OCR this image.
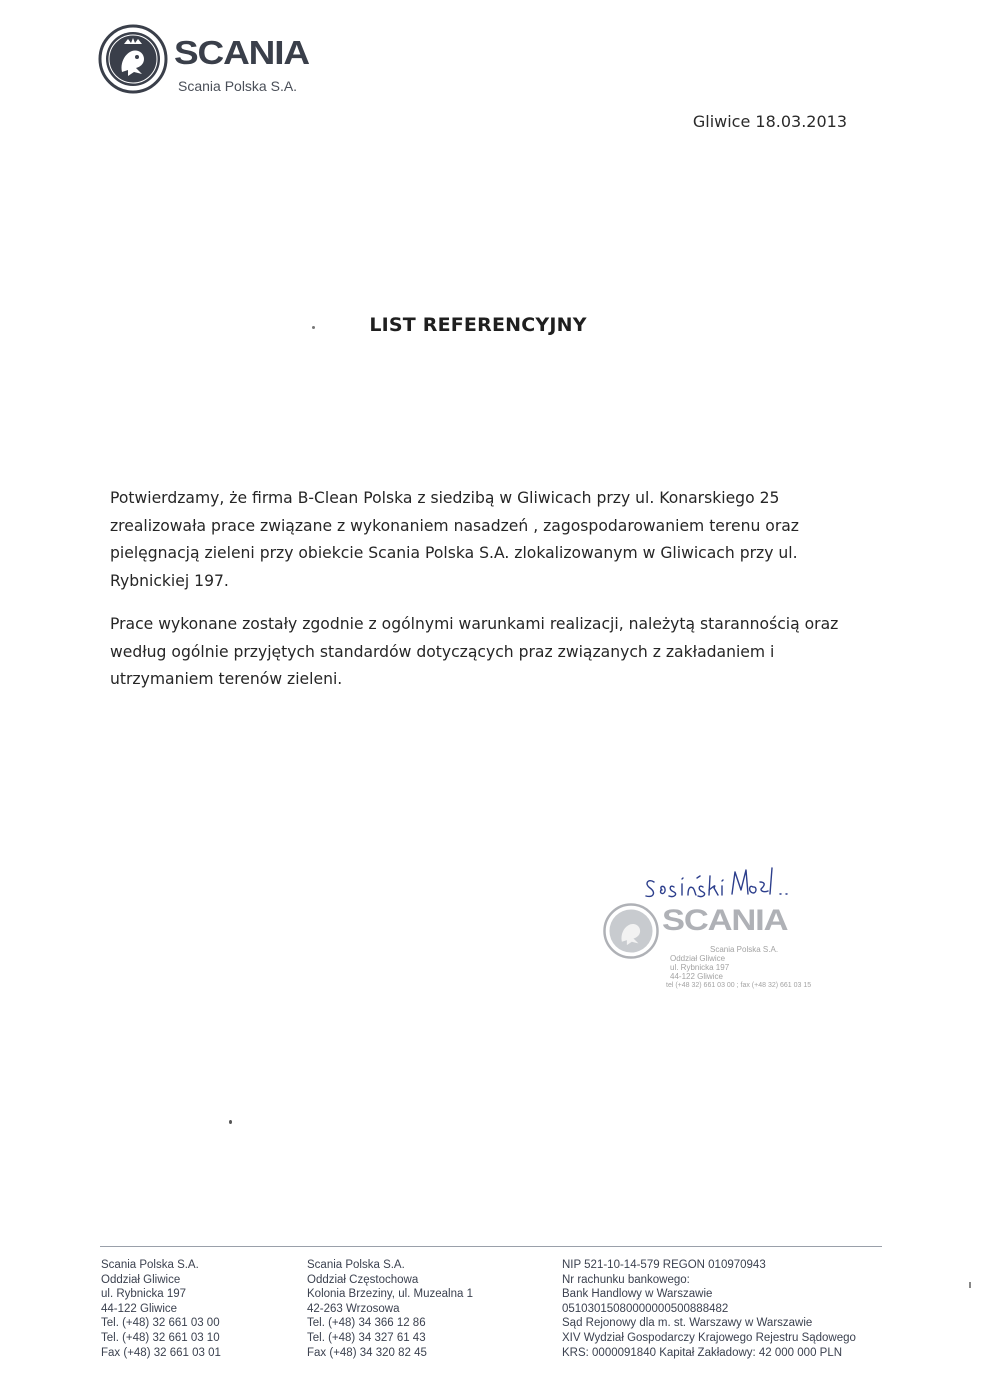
SCANIA
Scania Polska S.A.
Gliwice 18.03.2013
LIST REFERENCYJNY

Potwierdzamy, że firma B-Clean Polska z siedzibą w Gliwicach przy ul. Konarskiego 25 zrealizowała prace związane z wykonaniem nasadzeń , zagospodarowaniem terenu oraz pielęgnacją zieleni przy obiekcie Scania Polska S.A. zlokalizowanym w Gliwicach przy ul. Rybnickiej 197.

Prace wykonane zostały zgodnie z ogólnymi warunkami realizacji, należytą starannością oraz według ogólnie przyjętych standardów dotyczących praz związanych z zakładaniem i utrzymaniem terenów zieleni.

SCANIA
Scania Polska S.A.
Oddział Gliwice
ul. Rybnicka 197
44-122 Gliwice
tel (+48 32) 661 03 00 ; fax (+48 32) 661 03 15
Scania Polska S.A.
Oddział Gliwice
ul. Rybnicka 197
44-122 Gliwice
Tel. (+48) 32 661 03 00
Tel. (+48) 32 661 03 10
Fax (+48) 32 661 03 01
Scania Polska S.A.
Oddział Częstochowa
Kolonia Brzeziny, ul. Muzealna 1
42-263 Wrzosowa
Tel. (+48) 34 366 12 86
Tel. (+48) 34 327 61 43
Fax (+48) 34 320 82 45
NIP 521-10-14-579 REGON 010970943
Nr rachunku bankowego:
Bank Handlowy w Warszawie
05103015080000000500888482
Sąd Rejonowy dla m. st. Warszawy w Warszawie
XIV Wydział Gospodarczy Krajowego Rejestru Sądowego
KRS: 0000091840 Kapitał Zakładowy: 42 000 000 PLN
